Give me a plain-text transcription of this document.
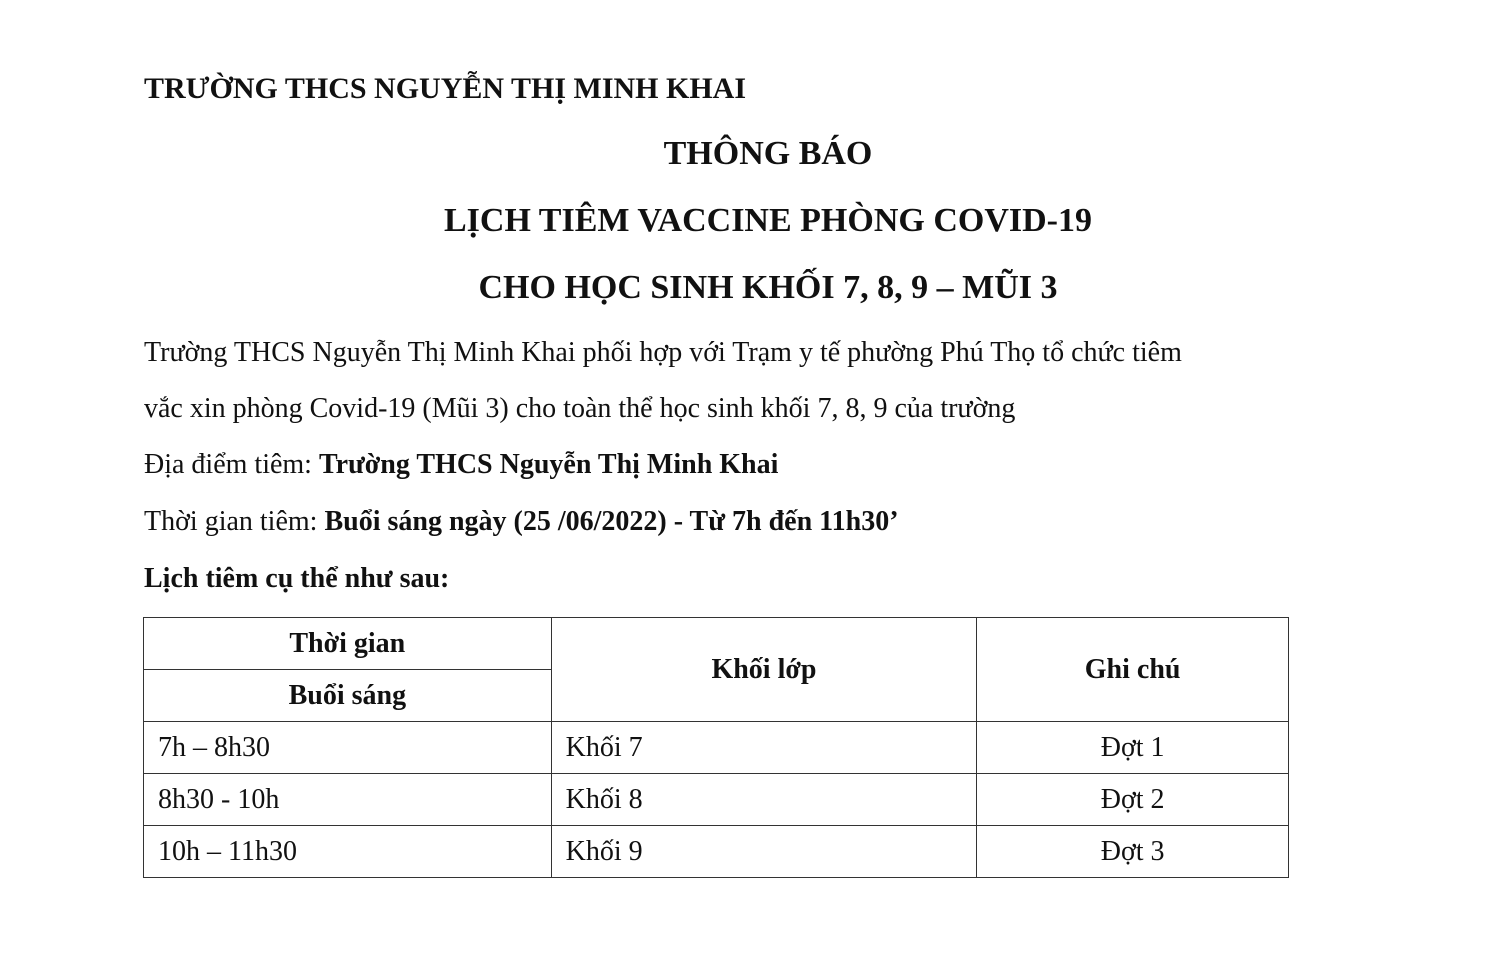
TRƯỜNG THCS NGUYỄN THỊ MINH KHAI
THÔNG BÁO
LỊCH TIÊM VACCINE PHÒNG COVID-19
CHO HỌC SINH KHỐI 7, 8, 9 – MŨI 3
Trường THCS Nguyễn Thị Minh Khai phối hợp với Trạm y tế phường Phú Thọ tổ chức tiêm
vắc xin phòng Covid-19 (Mũi 3) cho toàn thể học sinh khối 7, 8, 9 của trường
Địa điểm tiêm: Trường THCS Nguyễn Thị Minh Khai
Thời gian tiêm: Buổi sáng ngày (25 /06/2022) - Từ 7h đến 11h30’
Lịch tiêm cụ thể như sau:
Thời gian	Khối lớp	Ghi chú
Buổi sáng		
7h – 8h30	Khối 7	Đợt 1
8h30 - 10h	Khối 8	Đợt 2
10h – 11h30	Khối 9	Đợt 3
